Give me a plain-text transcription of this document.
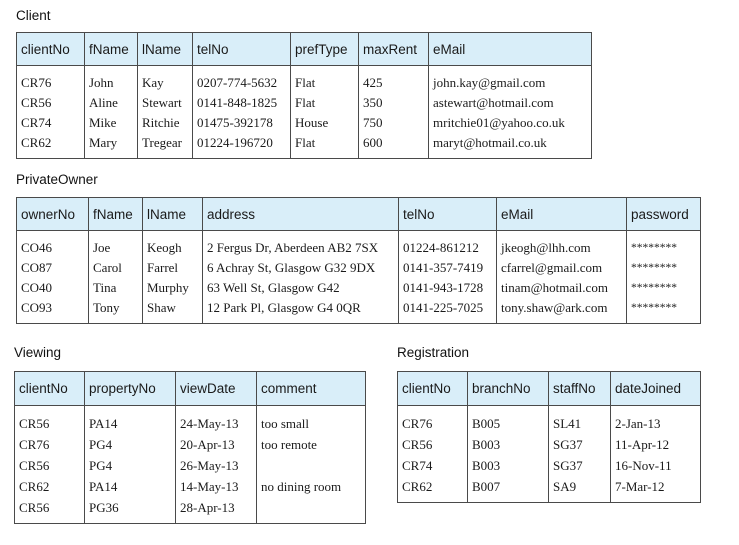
Client
clientNo	fName	lName	telNo	prefType	maxRent	eMail
CR76	John	Kay	0207-774-5632	Flat	425	john.kay@gmail.com
CR56	Aline	Stewart	0141-848-1825	Flat	350	astewart@hotmail.com
CR74	Mike	Ritchie	01475-392178	House	750	mritchie01@yahoo.co.uk
CR62	Mary	Tregear	01224-196720	Flat	600	maryt@hotmail.co.uk
PrivateOwner
ownerNo	fName	lName	address	telNo	eMail	password
CO46	Joe	Keogh	2 Fergus Dr, Aberdeen AB2 7SX	01224-861212	jkeogh@lhh.com	********
CO87	Carol	Farrel	6 Achray St, Glasgow G32 9DX	0141-357-7419	cfarrel@gmail.com	********
CO40	Tina	Murphy	63 Well St, Glasgow G42	0141-943-1728	tinam@hotmail.com	********
CO93	Tony	Shaw	12 Park Pl, Glasgow G4 0QR	0141-225-7025	tony.shaw@ark.com	********
Viewing
clientNo	propertyNo	viewDate	comment
CR56	PA14	24-May-13	too small
CR76	PG4	20-Apr-13	too remote
CR56	PG4	26-May-13	
CR62	PA14	14-May-13	no dining room
CR56	PG36	28-Apr-13	
Registration
clientNo	branchNo	staffNo	dateJoined
CR76	B005	SL41	2-Jan-13
CR56	B003	SG37	11-Apr-12
CR74	B003	SG37	16-Nov-11
CR62	B007	SA9	7-Mar-12
